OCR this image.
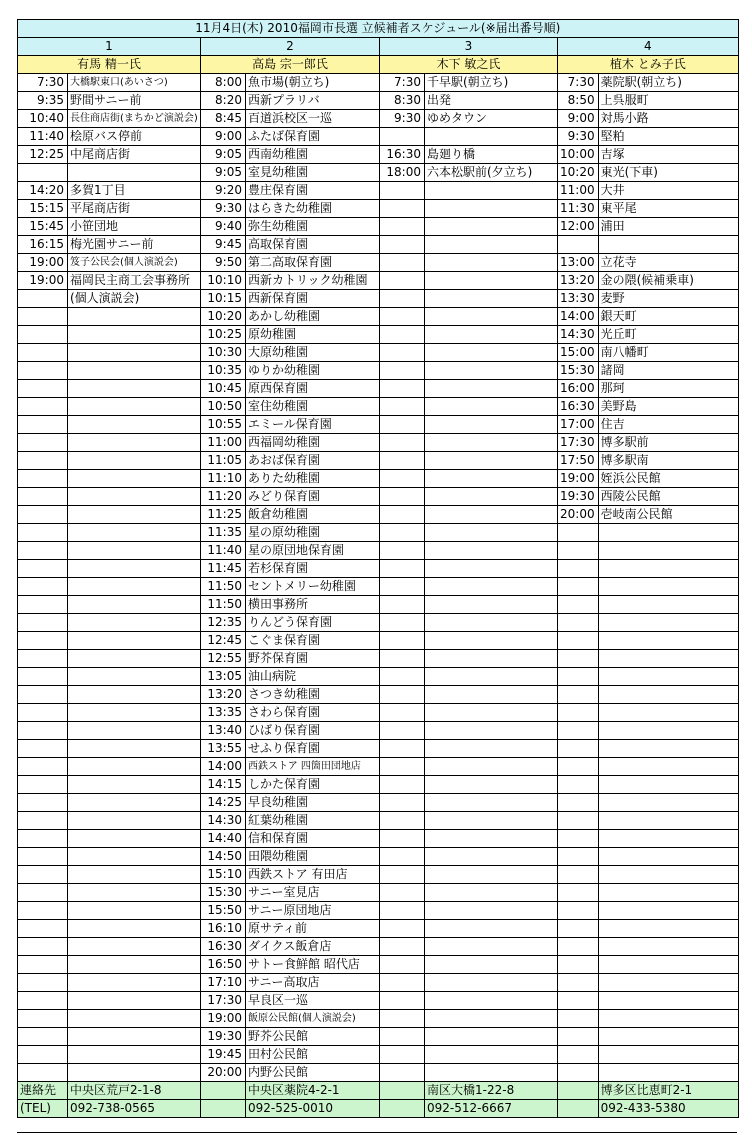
11月4日(木) 2010福岡市長選 立候補者スケジュール(※届出番号順)							
1		2		3		4	
有馬 精一氏		高島 宗一郎氏		木下 敏之氏		植木 とみ子氏	
7:30	大橋駅東口(あいさつ)	8:00	魚市場(朝立ち)	7:30	千早駅(朝立ち)	7:30	薬院駅(朝立ち)
9:35	野間サニー前	8:20	西新プラリバ	8:30	出発	8:50	上呉服町
10:40	長住商店街(まちかど演説会)	8:45	百道浜校区一巡	9:30	ゆめタウン	9:00	対馬小路
11:40	桧原バス停前	9:00	ふたば保育園			9:30	堅粕
12:25	中尾商店街	9:05	西南幼稚園	16:30	島廻り橋	10:00	吉塚
		9:05	室見幼稚園	18:00	六本松駅前(夕立ち)	10:20	東光(下車)
14:20	多賀1丁目	9:20	豊庄保育園			11:00	大井
15:15	平尾商店街	9:30	はらきた幼稚園			11:30	東平尾
15:45	小笹団地	9:40	弥生幼稚園			12:00	浦田
16:15	梅光園サニー前	9:45	高取保育園				
19:00	笈子公民会(個人演説会)	9:50	第二高取保育園			13:00	立花寺
19:00	福岡民主商工会事務所	10:10	西新カトリック幼稚園			13:20	金の隈(候補乗車)
	(個人演説会)	10:15	西新保育園			13:30	麦野
		10:20	あかし幼稚園			14:00	銀天町
		10:25	原幼稚園			14:30	光丘町
		10:30	大原幼稚園			15:00	南八幡町
		10:35	ゆりか幼稚園			15:30	諸岡
		10:45	原西保育園			16:00	那珂
		10:50	室住幼稚園			16:30	美野島
		10:55	エミール保育園			17:00	住吉
		11:00	西福岡幼稚園			17:30	博多駅前
		11:05	あおば保育園			17:50	博多駅南
		11:10	ありた幼稚園			19:00	姪浜公民館
		11:20	みどり保育園			19:30	西陵公民館
		11:25	飯倉幼稚園			20:00	壱岐南公民館
		11:35	星の原幼稚園				
		11:40	星の原団地保育園				
		11:45	若杉保育園				
		11:50	セントメリー幼稚園				
		11:50	横田事務所				
		12:35	りんどう保育園				
		12:45	こぐま保育園				
		12:55	野芥保育園				
		13:05	油山病院				
		13:20	さつき幼稚園				
		13:35	さわら保育園				
		13:40	ひばり保育園				
		13:55	せふり保育園				
		14:00	西鉄ストア 四箇田団地店				
		14:15	しかた保育園				
		14:25	早良幼稚園				
		14:30	紅葉幼稚園				
		14:40	信和保育園				
		14:50	田隈幼稚園				
		15:10	西鉄ストア 有田店				
		15:30	サニー室見店				
		15:50	サニー原団地店				
		16:10	原サティ前				
		16:30	ダイクス飯倉店				
		16:50	サトー食鮮館 昭代店				
		17:10	サニー高取店				
		17:30	早良区一巡				
		19:00	飯原公民館(個人演説会)				
		19:30	野芥公民館				
		19:45	田村公民館				
		20:00	内野公民館				
連絡先	中央区荒戸2-1-8		中央区薬院4-2-1		南区大橋1-22-8		博多区比恵町2-1
(TEL)	092-738-0565		092-525-0010		092-512-6667		092-433-5380
